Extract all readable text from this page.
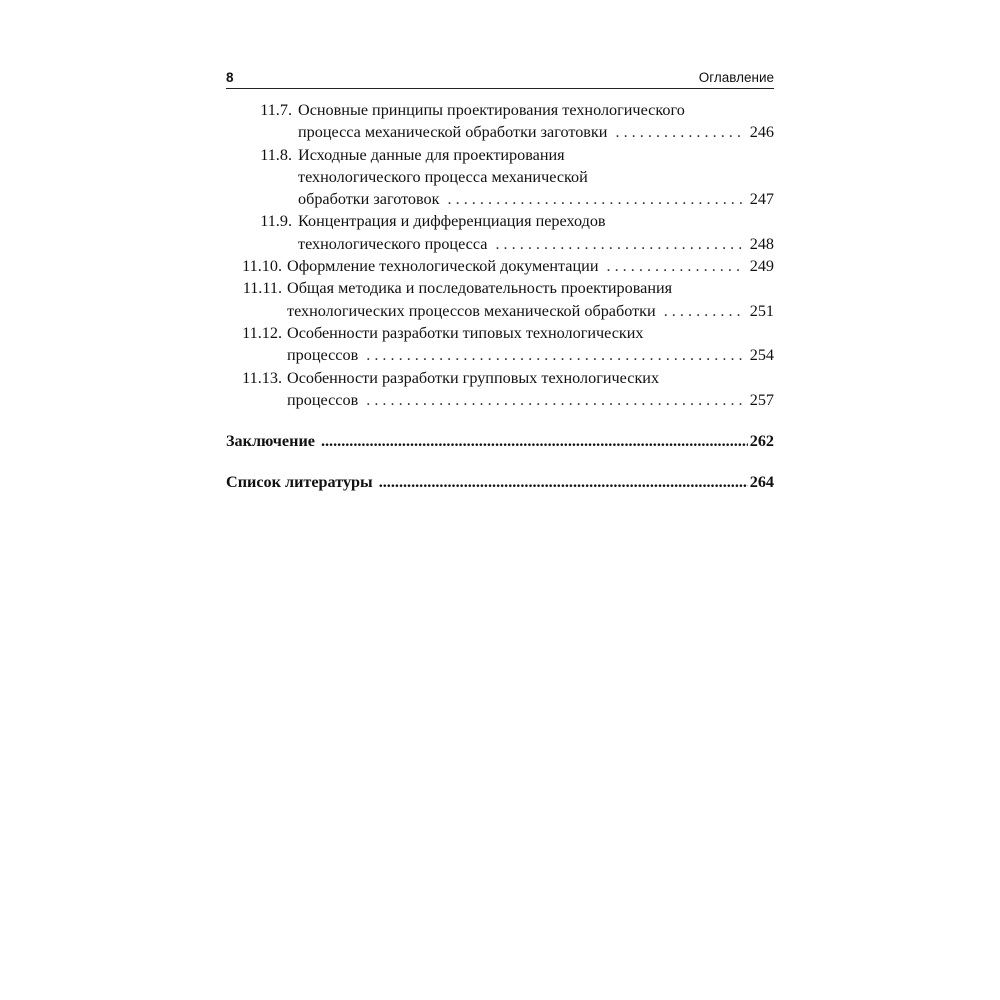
8	Оглавление
11.7. Основные принципы проектирования технологического
процесса механической обработки заготовки . . .	246
11.8. Исходные данные для проектирования
технологического процесса механической
обработки заготовок . . .	247
11.9. Концентрация и дифференциация переходов
технологического процесса . . .	248
11.10. Оформление технологической документации . . .	249
11.11. Общая методика и последовательность проектирования
технологических процессов механической обработки . . .	251
11.12. Особенности разработки типовых технологических
процессов . . .	254
11.13. Особенности разработки групповых технологических
процессов . . .	257
Заключение .....	262
Список литературы .....	264
